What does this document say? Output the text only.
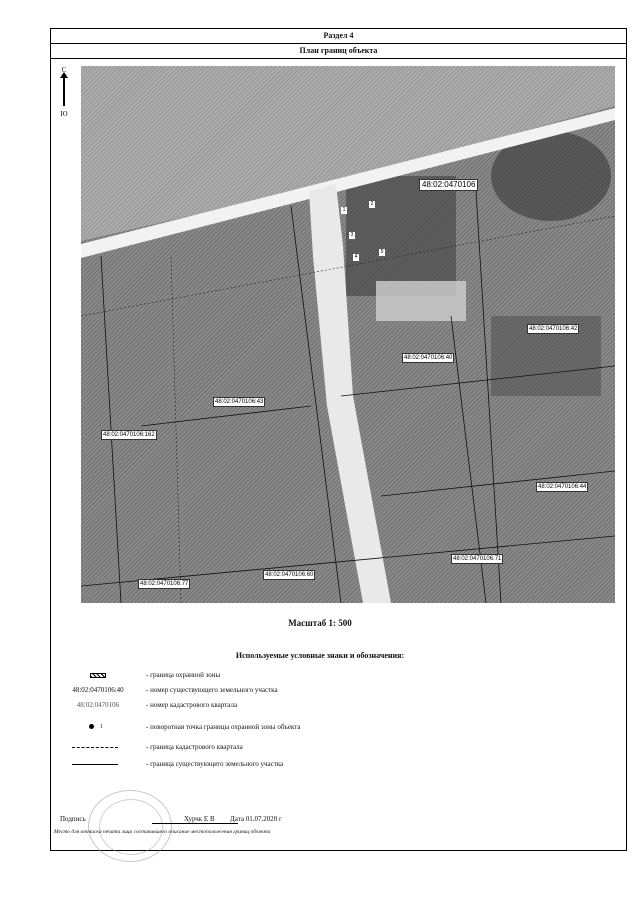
Раздел 4
План границ объекта
С
Ю
48:02:0470106
48:02:0470106:42
48:02:0470106:40
48:02:0470106:43
48:02:0470106:162
48:02:0470106:44
48:02:0470106:77
48:02:0470106:60
48:02:0470106:71
1
2
3
4
5
Масштаб 1: 500
Используемые условные знаки и обозначения:
- граница охранной зоны
48:02:0470106:40	- номер существующего земельного участка
48:02:0470106	- номер кадастрового квартала
1	- поворотная точка границы охранной зоны объекта
- граница кадастрового квартала
- граница существующего земельного участка
Подпись	Хурчк Е В Дата 01.07.2020 г
Место для оттиска печати лица составившего описание местоположения границ объекта
